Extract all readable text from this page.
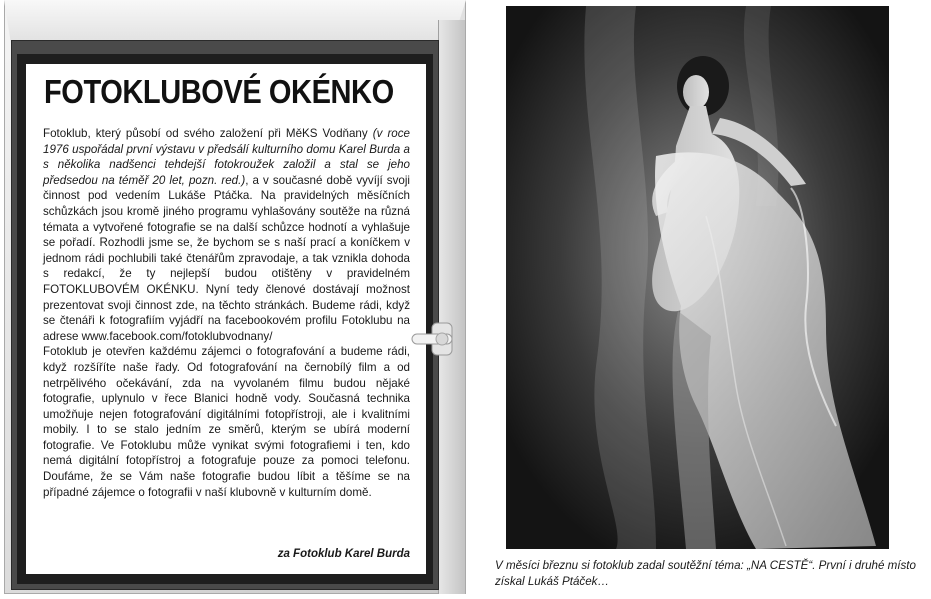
FOTOKLUBOVÉ OKÉNKO

Fotoklub, který působí od svého založení při MěKS Vodňany (v roce 1976 uspořádal první výstavu v předsálí kulturního domu Karel Burda a s několika nadšenci tehdejší fotokroužek založil a stal se jeho předsedou na téměř 20 let, pozn. red.), a v současné době vyvíjí svoji činnost pod vedením Lukáše Ptáčka. Na pravidelných měsíčních schůzkách jsou kromě jiného programu vyhlašovány soutěže na různá témata a vytvořené fotografie se na další schůzce hodnotí a vyhlašuje se pořadí. Rozhodli jsme se, že bychom se s naší prací a koníčkem v jednom rádi pochlubili také čtenářům zpravodaje, a tak vznikla dohoda s redakcí, že ty nejlepší budou otištěny v pravidelném FOTOKLUBOVÉM OKÉNKU. Nyní tedy členové dostávají možnost prezentovat svoji činnost zde, na těchto stránkách. Budeme rádi, když se čtenáři k fotografiím vyjádří na facebookovém profilu Fotoklubu na adrese www.facebook.com/fotoklubvodnany/

Fotoklub je otevřen každému zájemci o fotografování a budeme rádi, když rozšíříte naše řady. Od fotografování na černobílý film a od netrpělivého očekávání, zda na vyvolaném filmu budou nějaké fotografie, uplynulo v řece Blanici hodně vody. Současná technika umožňuje nejen fotografování digitálními fotopřístroji, ale i kvalitními mobily. I to se stalo jedním ze směrů, kterým se ubírá moderní fotografie. Ve Fotoklubu může vynikat svými fotografiemi i ten, kdo nemá digitální fotopřístroj a fotografuje pouze za pomoci telefonu. Doufáme, že se Vám naše fotografie budou líbit a těšíme se na případné zájemce o fotografii v naší klubovně v kulturním domě.

za Fotoklub Karel Burda

V měsíci březnu si fotoklub zadal soutěžní téma: „NA CESTĚ“. První i druhé místo získal Lukáš Ptáček…
